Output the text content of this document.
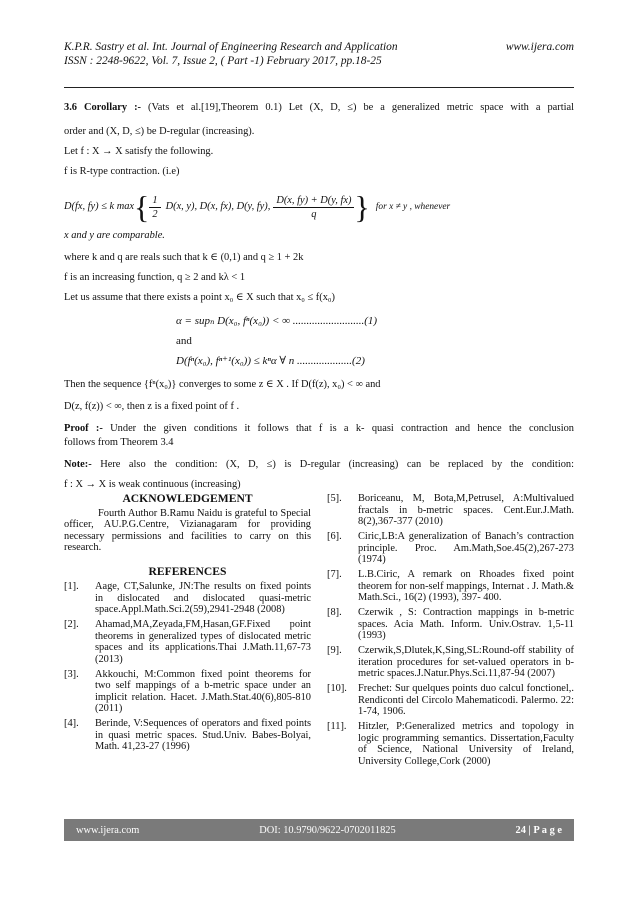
K.P.R. Sastry et al. Int. Journal of Engineering Research and Application	www.ijera.com
ISSN : 2248-9622, Vol. 7, Issue 2, ( Part -1) February 2017, pp.18-25
3.6 Corollary :- (Vats et al.[19],Theorem 0.1) Let (X, D, ≤) be a generalized metric space with a partial
order and (X, D, ≤) be D-regular (increasing).
Let f : X → X satisfy the following.
f is R-type contraction. (i.e)
D(fx, fy) ≤ k max { $\frac{1}{2} D(x$, y), D(x, fx), D(y, fy), $\frac{D(x, fy) + D(y, fx)}{q}$ } for x ≠ y , whenever
x and y are comparable.
where k and q are reals such that k ∈ (0,1) and q ≥ 1 + 2k
f is an increasing function, q ≥ 2 and kλ < 1
Let us assume that there exists a point x₀ ∈ X such that x₀ ≤ f(x₀)
α = supₙ D(x₀, fⁿ(x₀)) < ∞ ..........................(1)
and
D(fⁿ(x₀), fⁿ⁺¹(x₀)) ≤ kⁿα ∀ n ....................(2)
Then the sequence {fⁿ(x₀)} converges to some z ∈ X . If D(f(z), x₀) < ∞ and
D(z, f(z)) < ∞, then z is a fixed point of f .
Proof :- Under the given conditions it follows that f is a k- quasi contraction and hence the conclusion
follows from Theorem 3.4
Note:- Here also the condition: (X, D, ≤) is D-regular (increasing) can be replaced by the condition:
f : X → X is weak continuous (increasing)
ACKNOWLEDGEMENT
Fourth Author B.Ramu Naidu is grateful to Special officer, AU.P.G.Centre, Vizianagaram for providing necessary permissions and facilities to carry on this research.
REFERENCES
[1].	Aage, CT,Salunke, JN:The results on fixed points in dislocated and dislocated quasi-metric space.Appl.Math.Sci.2(59),2941-2948 (2008)
[2].	Ahamad,MA,Zeyada,FM,Hasan,GF.Fixed point theorems in generalized types of dislocated metric spaces and its applications.Thai J.Math.11,67-73 (2013)
[3].	Akkouchi, M:Common fixed point theorems for two self mappings of a b-metric space under an implicit relation. Hacet. J.Math.Stat.40(6),805-810 (2011)
[4].	Berinde, V:Sequences of operators and fixed points in quasi metric spaces. Stud.Univ. Babes-Bolyai, Math. 41,23-27 (1996)
[5].	Boriceanu, M, Bota,M,Petrusel, A:Multivalued fractals in b-metric spaces. Cent.Eur.J.Math. 8(2),367-377 (2010)
[6].	Ciric,LB:A generalization of Banach’s contraction principle. Proc. Am.Math,Soe.45(2),267-273 (1974)
[7].	L.B.Ciric, A remark on Rhoades fixed point theorem for non-self mappings, Internat . J. Math.& Math.Sci., 16(2) (1993), 397- 400.
[8].	Czerwik , S: Contraction mappings in b-metric spaces. Acia Math. Inform. Univ.Ostrav. 1,5-11 (1993)
[9].	Czerwik,S,Dlutek,K,Sing,SL:Round-off stability of iteration procedures for set-valued operators in b-metric spaces.J.Natur.Phys.Sci.11,87-94 (2007)
[10].	Frechet: Sur quelques points duo calcul fonctionel,. Rendiconti del Circolo Mahematicodi. Palermo. 22: 1-74, 1906.
[11].	Hitzler, P:Generalized metrics and topology in logic programming semantics. Dissertation,Faculty of Science, National University of Ireland, University College,Cork (2000)
www.ijera.com	DOI: 10.9790/9622-0702011825	24 | P a g e
